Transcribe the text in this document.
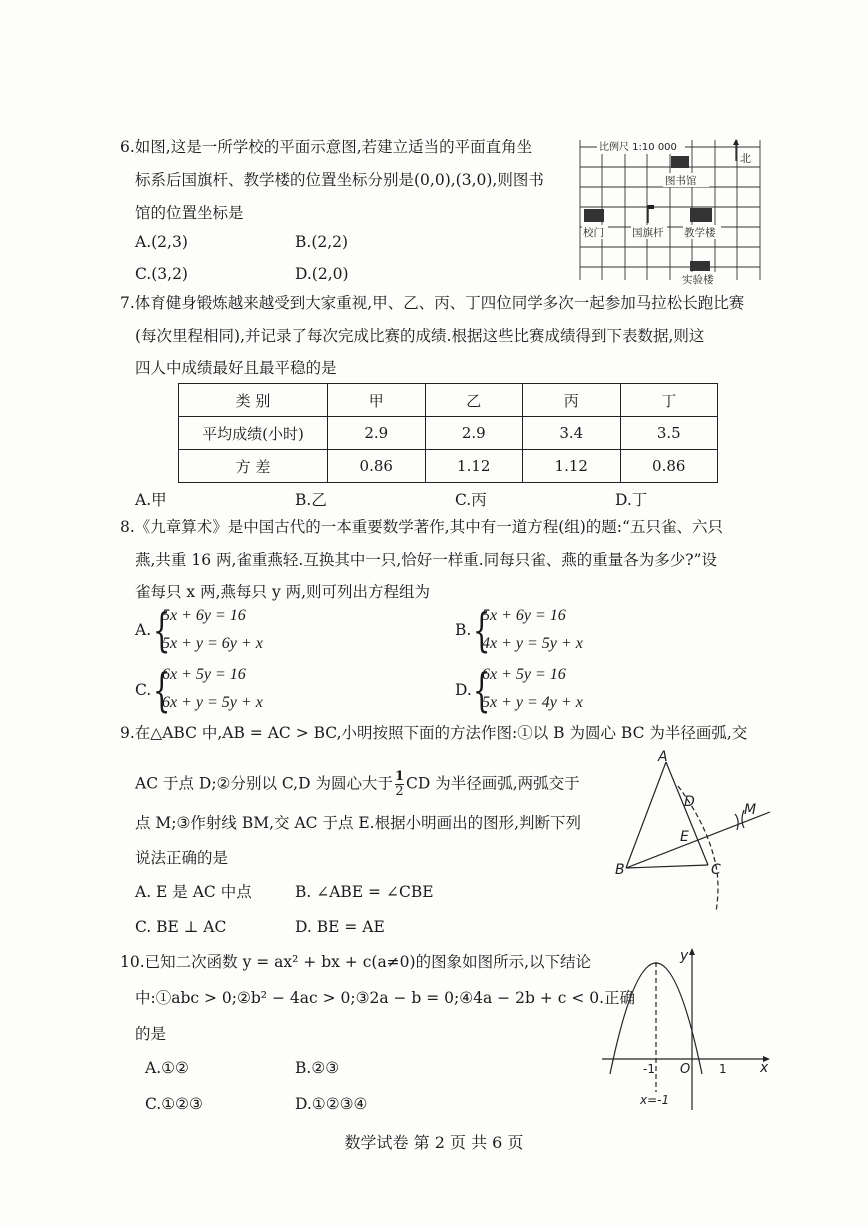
6.如图,这是一所学校的平面示意图,若建立适当的平面直角坐
标系后国旗杆、教学楼的位置坐标分别是(0,0),(3,0),则图书
馆的位置坐标是
A.(2,3)	B.(2,2)
C.(3,2)	D.(2,0)
比例尺 1:10 000
北
图书馆
校门	国旗杆 教学楼
实验楼
7.体育健身锻炼越来越受到大家重视,甲、乙、丙、丁四位同学多次一起参加马拉松长跑比赛
(每次里程相同),并记录了每次完成比赛的成绩.根据这些比赛成绩得到下表数据,则这
四人中成绩最好且最平稳的是
类 别	甲	乙	丙	丁
平均成绩(小时)	2.9	2.9	3.4	3.5
方 差	0.86	1.12	1.12	0.86
A.甲	B.乙	C.丙	D.丁
8.《九章算术》是中国古代的一本重要数学著作,其中有一道方程(组)的题:“五只雀、六只
燕,共重 16 两,雀重燕轻.互换其中一只,恰好一样重.同每只雀、燕的重量各为多少?”设
雀每只 x 两,燕每只 y 两,则可列出方程组为
A. {
5x + 6y = 16
5x + y = 6y + x
B. {
5x + 6y = 16
4x + y = 5y + x
C. {
6x + 5y = 16
6x + y = 5y + x
D. {
6x + 5y = 16
5x + y = 4y + x
9.在△ABC 中,AB = AC > BC,小明按照下面的方法作图:①以 B 为圆心 BC 为半径画弧,交
AC 于点 D;②分别以 C,D 为圆心大于 $\frac{1}{2}$ CD 为半径画弧,两弧交于
点 M;③作射线 BM,交 AC 于点 E.根据小明画出的图形,判断下列
说法正确的是
A. E 是 AC 中点	B. ∠ABE = ∠CBE
C. BE ⊥ AC	D. BE = AE
A
B	C
D
E
M
10.已知二次函数 y = ax² + bx + c(a≠0)的图象如图所示,以下结论
中:①abc > 0;②b² − 4ac > 0;③2a − b = 0;④4a − 2b + c < 0.正确
的是
A.①②	B.②③
C.①②③	D.①②③④
y
x
-1 O 1
x=-1
数学试卷 第 2 页 共 6 页
